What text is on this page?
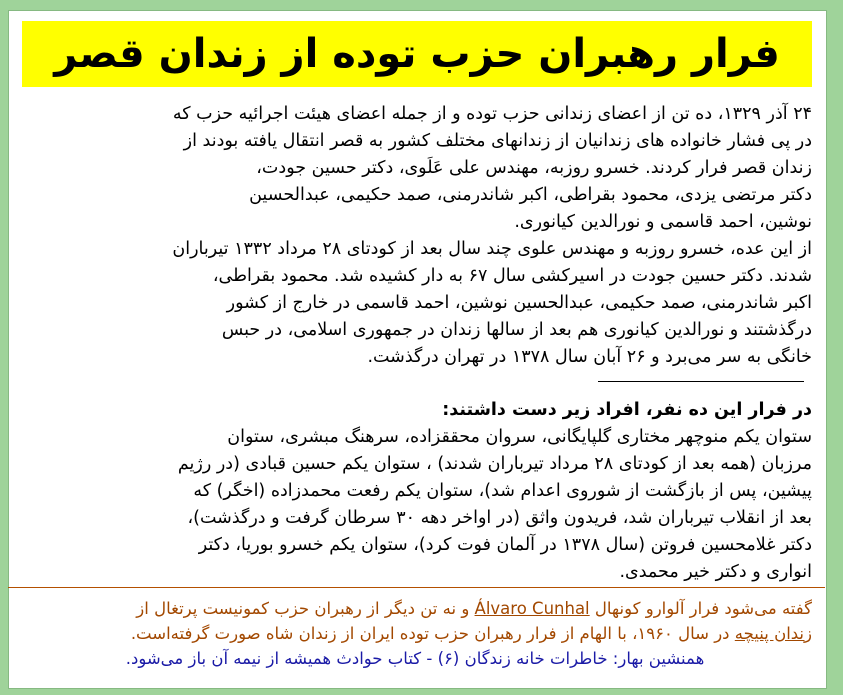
فرار رهبران حزب توده از زندان قصر
۲۴ آذر ۱۳۲۹، ده تن از اعضای زندانی حزب توده و از جمله اعضای هیئت اجرائیه حزب که
در پی فشار خانواده های زندانیان از زندانهای مختلف کشور به قصر انتقال یافته بودند از
زندان قصر فرار کردند. خسرو روزبه، مهندس علی عَلَوی، دکتر حسین جودت،
دکتر مرتضی یزدی، محمود بقراطی، اکبر شاندرمنی، صمد حکیمی، عبدالحسین
نوشین، احمد قاسمی و نورالدین کیانوری.
از این عده، خسرو روزبه و مهندس علوی چند سال بعد از کودتای ۲۸ مرداد ۱۳۳۲ تیرباران
شدند. دکتر حسین جودت در اسیرکشی سال ۶۷ به دار کشیده شد. محمود بقراطی،
اکبر شاندرمنی، صمد حکیمی، عبدالحسین نوشین، احمد قاسمی در خارج از کشور
درگذشتند و نورالدین کیانوری هم بعد از سالها زندان در جمهوری اسلامی، در حبس
خانگی به سر می‌برد و ۲۶ آبان سال ۱۳۷۸ در تهران درگذشت.
در فرار این ده نفر، افراد زیر دست داشتند:
ستوان یکم منوچهر مختاری گلپایگانی، سروان محققزاده، سرهنگ مبشری، ستوان
مرزبان (همه بعد از کودتای ۲۸ مرداد تیرباران شدند) ، ستوان یکم حسین قبادی (در رژیم
پیشین، پس از بازگشت از شوروی اعدام شد)، ستوان یکم رفعت محمدزاده (اخگر) که
بعد از انقلاب تیرباران شد، فریدون واثق (در اواخر دهه ۳۰ سرطان گرفت و درگذشت)،
دکتر غلامحسین فروتن (سال ۱۳۷۸ در آلمان فوت کرد)، ستوان یکم خسرو بوریا، دکتر
انواری و دکتر خیر محمدی.
گفته می‌شود فرار آلوارو کونهال Álvaro Cunhal و نه تن دیگر از رهبران حزب کمونیست پرتغال از
زندان پنیچه در سال ۱۹۶۰، با الهام از فرار رهبران حزب توده ایران از زندان شاه صورت گرفته‌است.
همنشین بهار: خاطرات خانه زندگان (۶) - کتاب حوادث همیشه از نیمه آن باز می‌شود.
